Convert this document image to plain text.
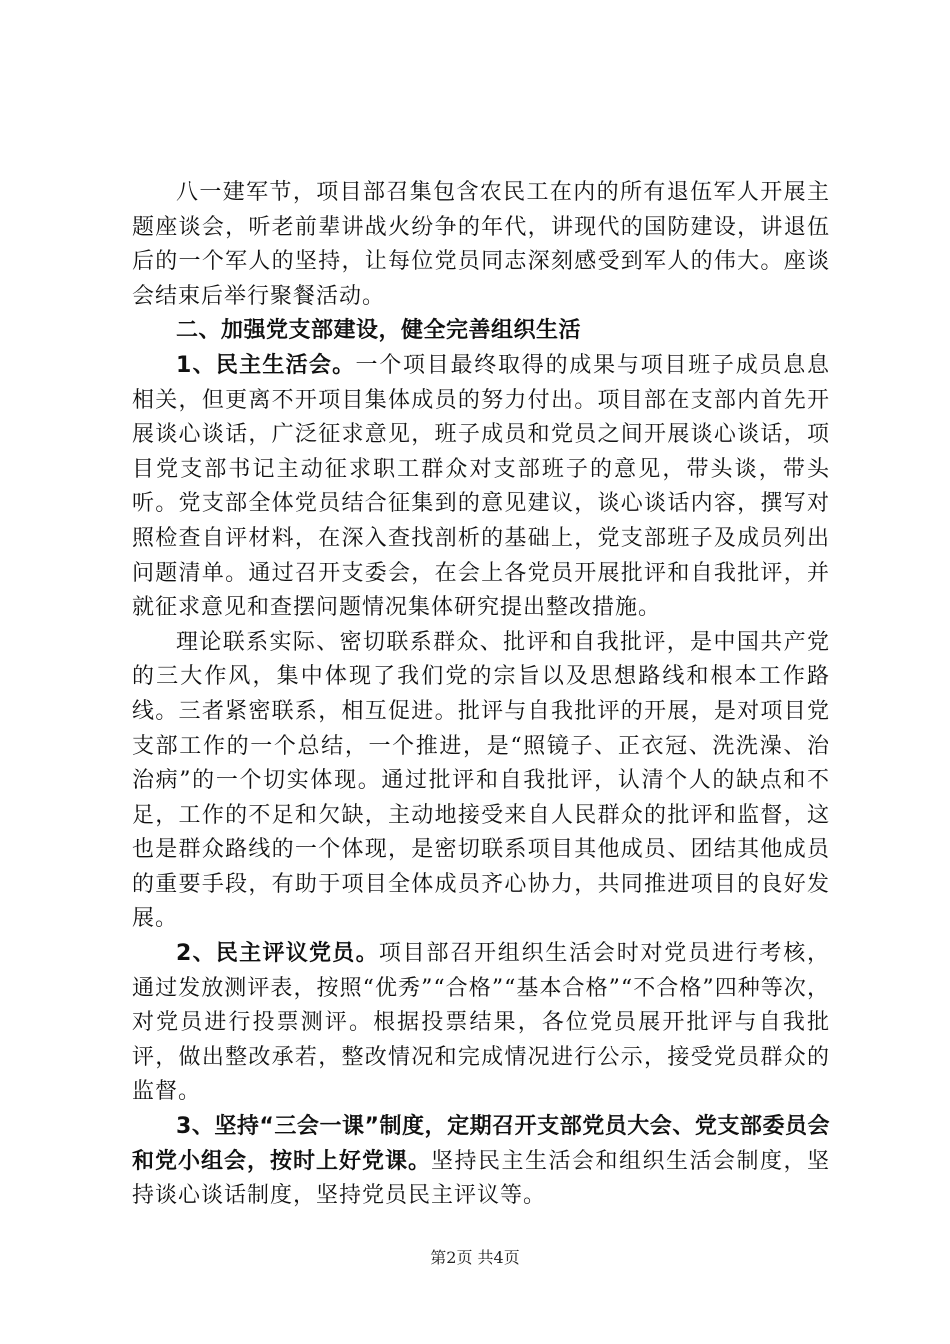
八一建军节，项目部召集包含农民工在内的所有退伍军人开展主题座谈会，听老前辈讲战火纷争的年代，讲现代的国防建设，讲退伍后的一个军人的坚持，让每位党员同志深刻感受到军人的伟大。座谈会结束后举行聚餐活动。

二、加强党支部建设，健全完善组织生活

1、民主生活会。一个项目最终取得的成果与项目班子成员息息相关，但更离不开项目集体成员的努力付出。项目部在支部内首先开展谈心谈话，广泛征求意见，班子成员和党员之间开展谈心谈话，项目党支部书记主动征求职工群众对支部班子的意见，带头谈，带头听。党支部全体党员结合征集到的意见建议，谈心谈话内容，撰写对照检查自评材料，在深入查找剖析的基础上，党支部班子及成员列出问题清单。通过召开支委会，在会上各党员开展批评和自我批评，并就征求意见和查摆问题情况集体研究提出整改措施。

理论联系实际、密切联系群众、批评和自我批评，是中国共产党的三大作风，集中体现了我们党的宗旨以及思想路线和根本工作路线。三者紧密联系，相互促进。批评与自我批评的开展，是对项目党支部工作的一个总结，一个推进，是“照镜子、正衣冠、洗洗澡、治治病”的一个切实体现。通过批评和自我批评，认清个人的缺点和不足，工作的不足和欠缺，主动地接受来自人民群众的批评和监督，这也是群众路线的一个体现，是密切联系项目其他成员、团结其他成员的重要手段，有助于项目全体成员齐心协力，共同推进项目的良好发展。

2、民主评议党员。项目部召开组织生活会时对党员进行考核，通过发放测评表，按照“优秀”“合格”“基本合格”“不合格”四种等次，对党员进行投票测评。根据投票结果，各位党员展开批评与自我批评，做出整改承若，整改情况和完成情况进行公示，接受党员群众的监督。

3、坚持“三会一课”制度，定期召开支部党员大会、党支部委员会和党小组会，按时上好党课。坚持民主生活会和组织生活会制度，坚持谈心谈话制度，坚持党员民主评议等。

第2页 共4页
